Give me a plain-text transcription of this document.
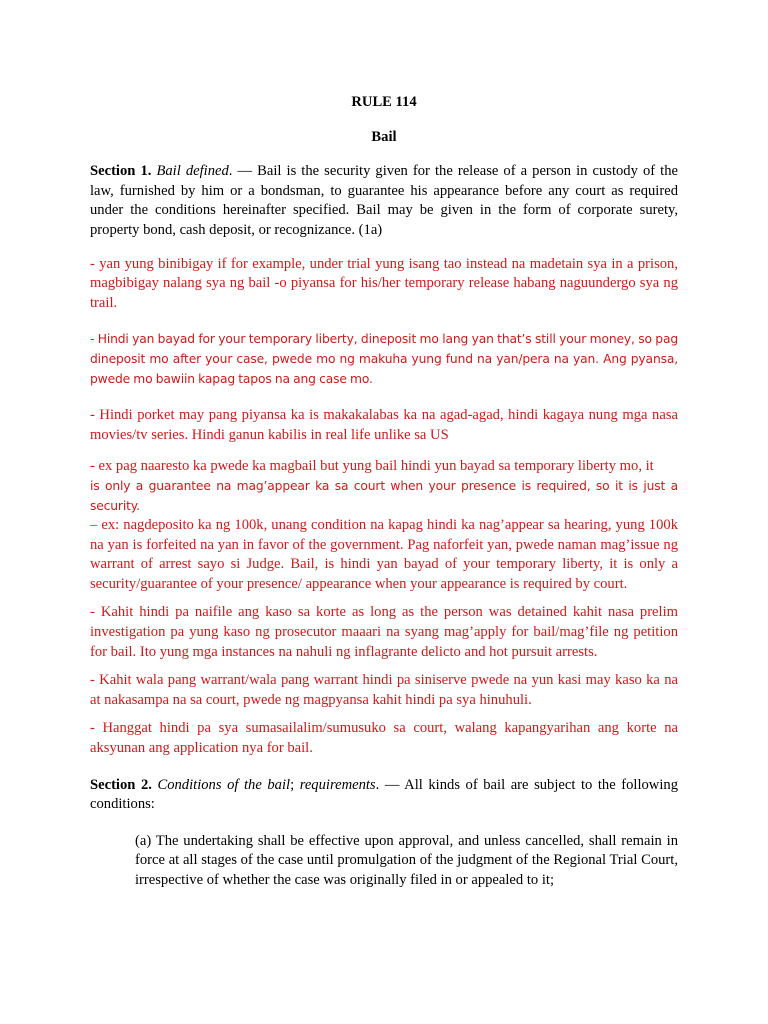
RULE 114

Bail

Section 1. Bail defined. — Bail is the security given for the release of a person in custody of the law, furnished by him or a bondsman, to guarantee his appearance before any court as required under the conditions hereinafter specified. Bail may be given in the form of corporate surety, property bond, cash deposit, or recognizance. (1a)

- yan yung binibigay if for example, under trial yung isang tao instead na madetain sya in a prison, magbibigay nalang sya ng bail -o piyansa for his/her temporary release habang naguundergo sya ng trail.

- Hindi yan bayad for your temporary liberty, dineposit mo lang yan that’s still your money, so pag dineposit mo after your case, pwede mo ng makuha yung fund na yan/pera na yan. Ang pyansa, pwede mo bawiin kapag tapos na ang case mo.

- Hindi porket may pang piyansa ka is makakalabas ka na agad-agad, hindi kagaya nung mga nasa movies/tv series. Hindi ganun kabilis in real life unlike sa US

- ex pag naaresto ka pwede ka magbail but yung bail hindi yun bayad sa temporary liberty mo, it
is only a guarantee na mag’appear ka sa court when your presence is required, so it is just a security.
– ex: nagdeposito ka ng 100k, unang condition na kapag hindi ka nag’appear sa hearing, yung 100k na yan is forfeited na yan in favor of the government. Pag naforfeit yan, pwede naman mag’issue ng warrant of arrest sayo si Judge. Bail, is hindi yan bayad of your temporary liberty, it is only a security/guarantee of your presence/ appearance when your appearance is required by court.

- Kahit hindi pa naifile ang kaso sa korte as long as the person was detained kahit nasa prelim investigation pa yung kaso ng prosecutor maaari na syang mag’apply for bail/mag’file ng petition for bail. Ito yung mga instances na nahuli ng inflagrante delicto and hot pursuit arrests.

- Kahit wala pang warrant/wala pang warrant hindi pa siniserve pwede na yun kasi may kaso ka na at nakasampa na sa court, pwede ng magpyansa kahit hindi pa sya hinuhuli.

- Hanggat hindi pa sya sumasailalim/sumusuko sa court, walang kapangyarihan ang korte na aksyunan ang application nya for bail.

Section 2. Conditions of the bail; requirements. — All kinds of bail are subject to the following conditions:

(a) The undertaking shall be effective upon approval, and unless cancelled, shall remain in force at all stages of the case until promulgation of the judgment of the Regional Trial Court, irrespective of whether the case was originally filed in or appealed to it;
